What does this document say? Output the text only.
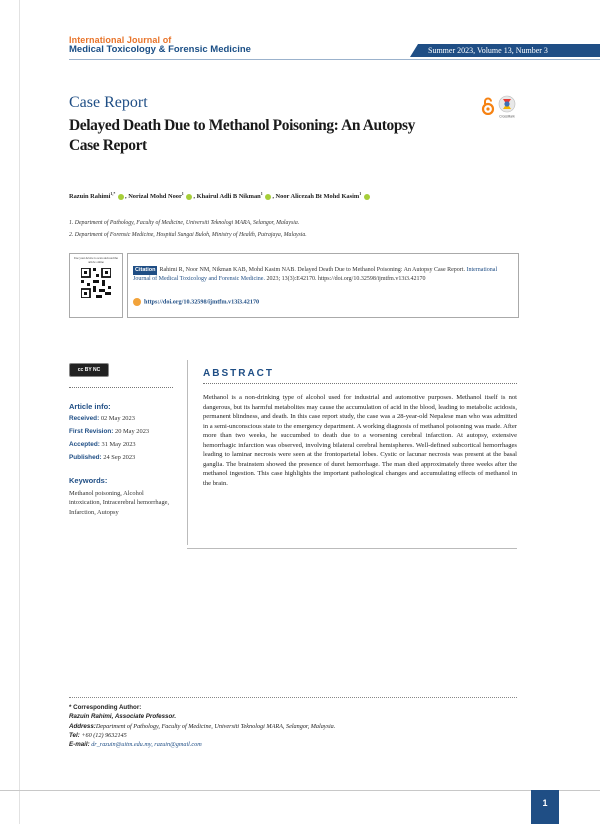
International Journal of
Medical Toxicology & Forensic Medicine	Summer 2023, Volume 13, Number 3
Case Report
Delayed Death Due to Methanol Poisoning: An Autopsy
Case Report
CrossMark
Razuin Rahimi$^{1,*}$ , Norizal Mohd Noor$^1$ , Khairul Adli B Nikman$^1$ , Noor Alicezah Bt Mohd Kasim$^1$
1. Department of Pathology, Faculty of Medicine, Universiti Teknologi MARA, Selangor, Malaysia.
2. Department of Forensic Medicine, Hospital Sungai Buloh, Ministry of Health, Putrajaya, Malaysia.
Use your device to scan and read the article online
Citation Rahimi R, Noor NM, Nikman KAB, Mohd Kasim NAB. Delayed Death Due to Methanol Poisoning: An Autopsy Case Report. International Journal of Medical Toxicology and Forensic Medicine. 2023; 13(3):E42170. https://doi.org/10.32598/ijmtfm.v13i3.42170
https://doi.org/10.32598/ijmtfm.v13i3.42170
cc BY NC
Article info:
Received: 02 May 2023
First Revision: 20 May 2023
Accepted: 31 May 2023
Published: 24 Sep 2023
Keywords:
Methanol poisoning, Alcohol intoxication, Intracerebral hemorrhage, Infarction, Autopsy
ABSTRACT
Methanol is a non-drinking type of alcohol used for industrial and automotive purposes. Methanol itself is not dangerous, but its harmful metabolites may cause the accumulation of acid in the blood, leading to metabolic acidosis, permanent blindness, and death. In this case report study, the case was a 28-year-old Nepalese man who was admitted in a semi-unconscious state to the emergency department. A working diagnosis of methanol poisoning was made. After more than two weeks, he succumbed to death due to a worsening cerebral infarction. At autopsy, extensive hemorrhagic infarction was observed, involving bilateral cerebral hemispheres. Well-defined subcortical hemorrhages leading to laminar necrosis were seen at the frontoparietal lobes. Cystic or lacunar necrosis was present at the basal ganglia. The brainstem showed the presence of duret hemorrhage. The man died approximately three weeks after the methanol ingestion. This case highlights the important pathological changes and accumulating effects of methanol in the brain.
* Corresponding Author:
Razuin Rahimi, Associate Professor.
Address:Department of Pathology, Faculty of Medicine, Universiti Teknologi MARA, Selangor, Malaysia.
Tel: +60 (12) 9632145
E-mail: dr_razuin@uitm.edu.my, razuin@gmail.com
1
